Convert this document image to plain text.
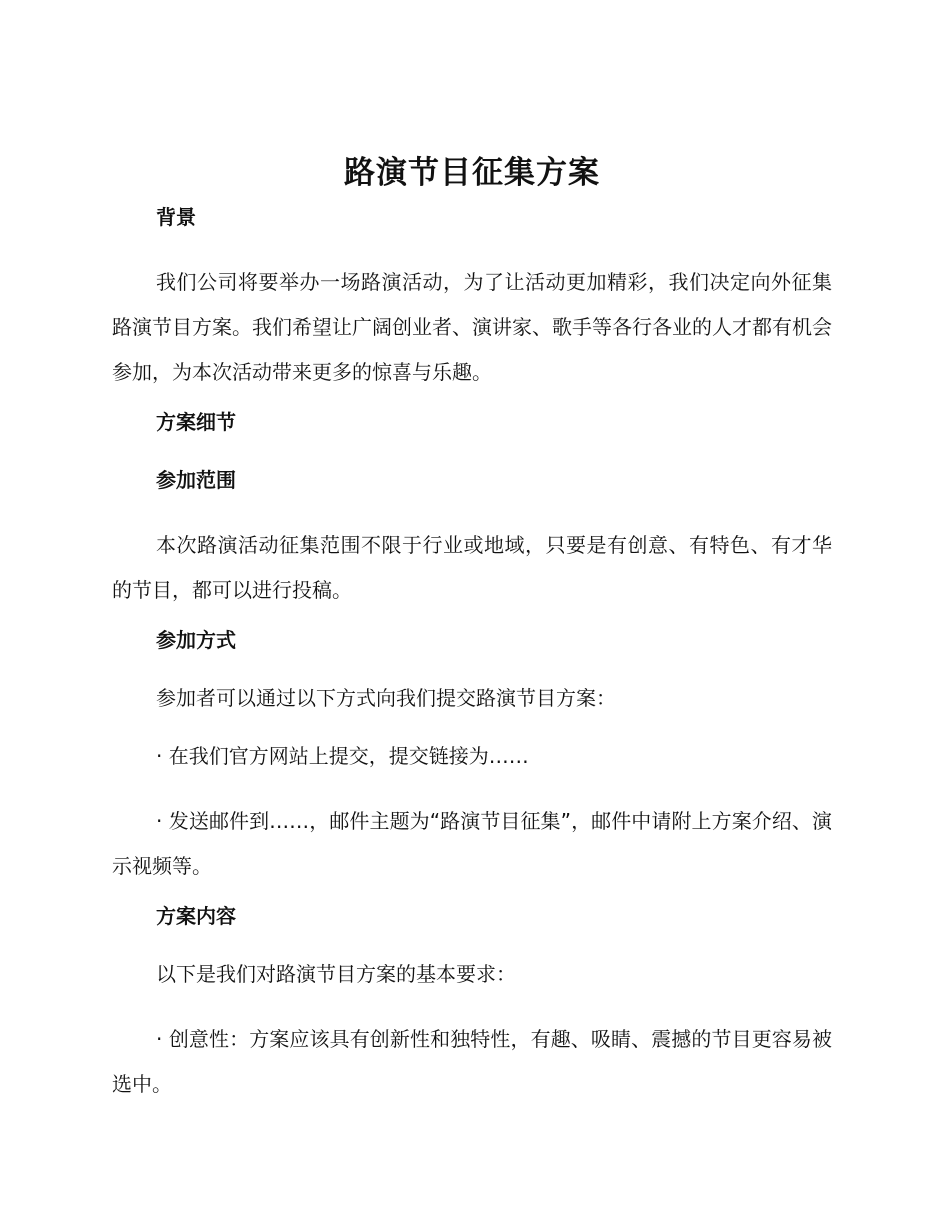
路演节目征集方案
背景

我们公司将要举办一场路演活动，为了让活动更加精彩，我们决定向外征集路演节目方案。我们希望让广阔创业者、演讲家、歌手等各行各业的人才都有机会参加，为本次活动带来更多的惊喜与乐趣。

方案细节
参加范围

本次路演活动征集范围不限于行业或地域，只要是有创意、有特色、有才华的节目，都可以进行投稿。

参加方式

参加者可以通过以下方式向我们提交路演节目方案：

· 在我们官方网站上提交，提交链接为……

· 发送邮件到……，邮件主题为“路演节目征集”，邮件中请附上方案介绍、演示视频等。

方案内容

以下是我们对路演节目方案的基本要求：

· 创意性：方案应该具有创新性和独特性，有趣、吸睛、震撼的节目更容易被选中。
